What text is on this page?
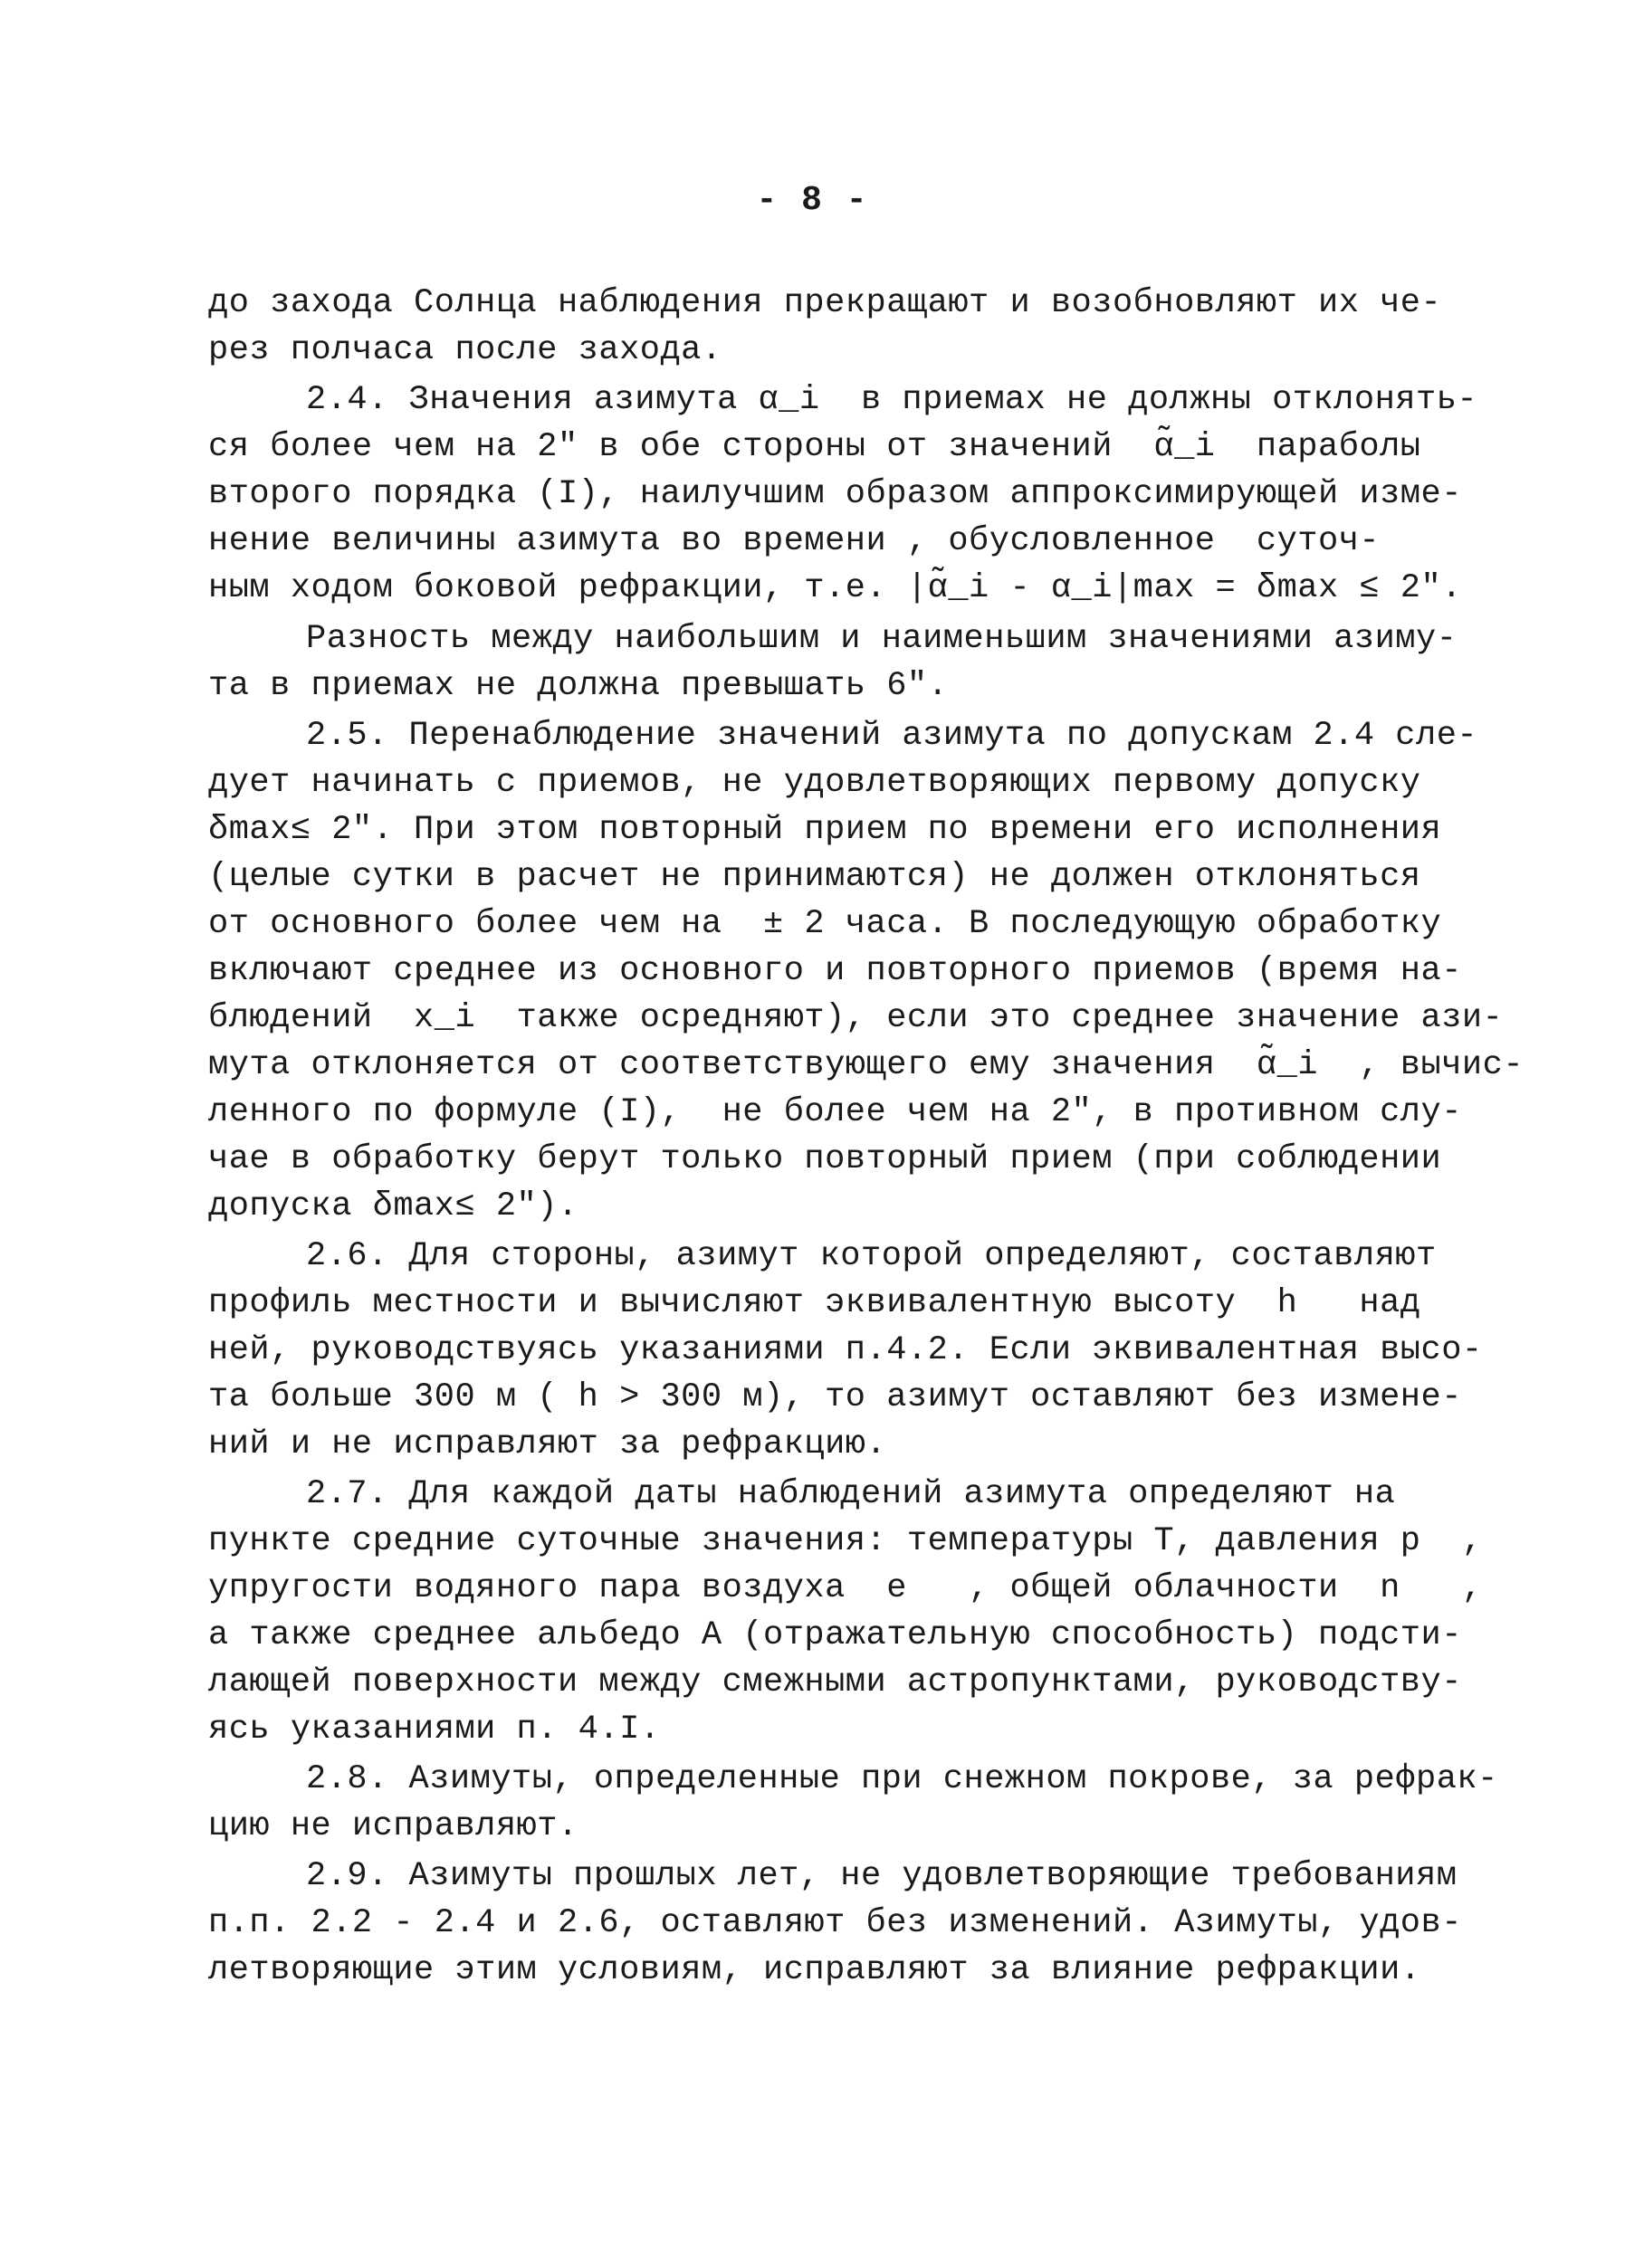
- 8 -
до захода Солнца наблюдения прекращают и возобновляют их че-
рез полчаса после захода.
2.4. Значения азимута α_i  в приемах не должны отклонять-
ся более чем на 2" в обе стороны от значений  α̃_i  параболы
второго порядка (I), наилучшим образом аппроксимирующей изме-
нение величины азимута во времени , обусловленное  суточ-
ным ходом боковой рефракции, т.е. |α̃_i - α_i|max = δmax ≤ 2".
Разность между наибольшим и наименьшим значениями азиму-
та в приемах не должна превышать 6".
2.5. Перенаблюдение значений азимута по допускам 2.4 сле-
дует начинать с приемов, не удовлетворяющих первому допуску
δmax≤ 2". При этом повторный прием по времени его исполнения
(целые сутки в расчет не принимаются) не должен отклоняться
от основного более чем на  ± 2 часа. В последующую обработку
включают среднее из основного и повторного приемов (время на-
блюдений  x_i  также осредняют), если это среднее значение ази-
мута отклоняется от соответствующего ему значения  α̃_i  , вычис-
ленного по формуле (I),  не более чем на 2", в противном слу-
чае в обработку берут только повторный прием (при соблюдении
допуска δmax≤ 2").
2.6. Для стороны, азимут которой определяют, составляют
профиль местности и вычисляют эквивалентную высоту  h   над
ней, руководствуясь указаниями п.4.2. Если эквивалентная высо-
та больше 300 м ( h > 300 м), то азимут оставляют без измене-
ний и не исправляют за рефракцию.
2.7. Для каждой даты наблюдений азимута определяют на
пункте средние суточные значения: температуры Т, давления p  ,
упругости водяного пара воздуха  e   , общей облачности  n   ,
а также среднее альбедо А (отражательную способность) подсти-
лающей поверхности между смежными астропунктами, руководству-
ясь указаниями п. 4.I.
2.8. Азимуты, определенные при снежном покрове, за рефрак-
цию не исправляют.
2.9. Азимуты прошлых лет, не удовлетворяющие требованиям
п.п. 2.2 - 2.4 и 2.6, оставляют без изменений. Азимуты, удов-
летворяющие этим условиям, исправляют за влияние рефракции.
